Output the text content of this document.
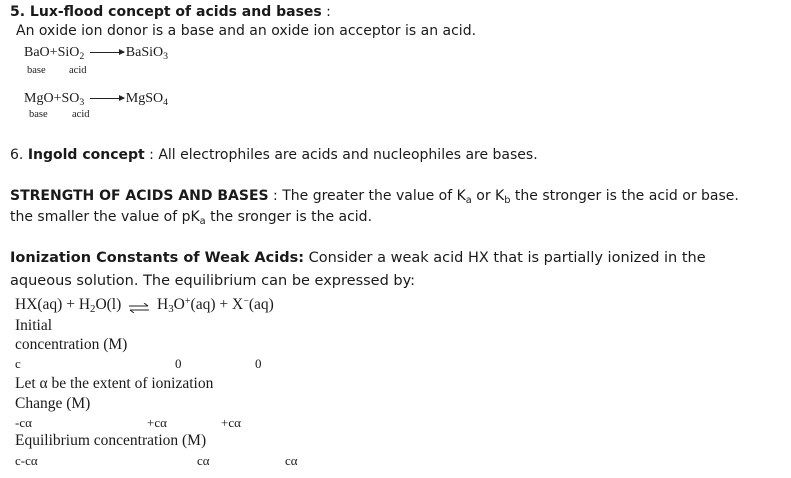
5. Lux-flood concept of acids and bases :
An oxide ion donor is a base and an oxide ion acceptor is an acid.
BaO+SiO$_2$ → BaSiO$_3$
base acid
$MgO+SO_3$ → MgSO$_4$
base acid
6. Ingold concept : All electrophiles are acids and nucleophiles are bases.
STRENGTH OF ACIDS AND BASES : The greater the value of $K_a$ or $K_b$ the stronger is the acid or base.
the smaller the value of $pK_a$ the sronger is the acid.
Ionization Constants of Weak Acids: Consider a weak acid HX that is partially ionized in the
aqueous solution. The equilibrium can be expressed by:
$HX(aq) + H_2O(l)$ ⇌ $H_3O^+(aq) + X^-(aq)$
Initial
concentration (M)
c	0	0
Let α be the extent of ionization
Change (M)
-cα	+cα	+cα
Equilibrium concentration (M)
c-cα	cα	cα
